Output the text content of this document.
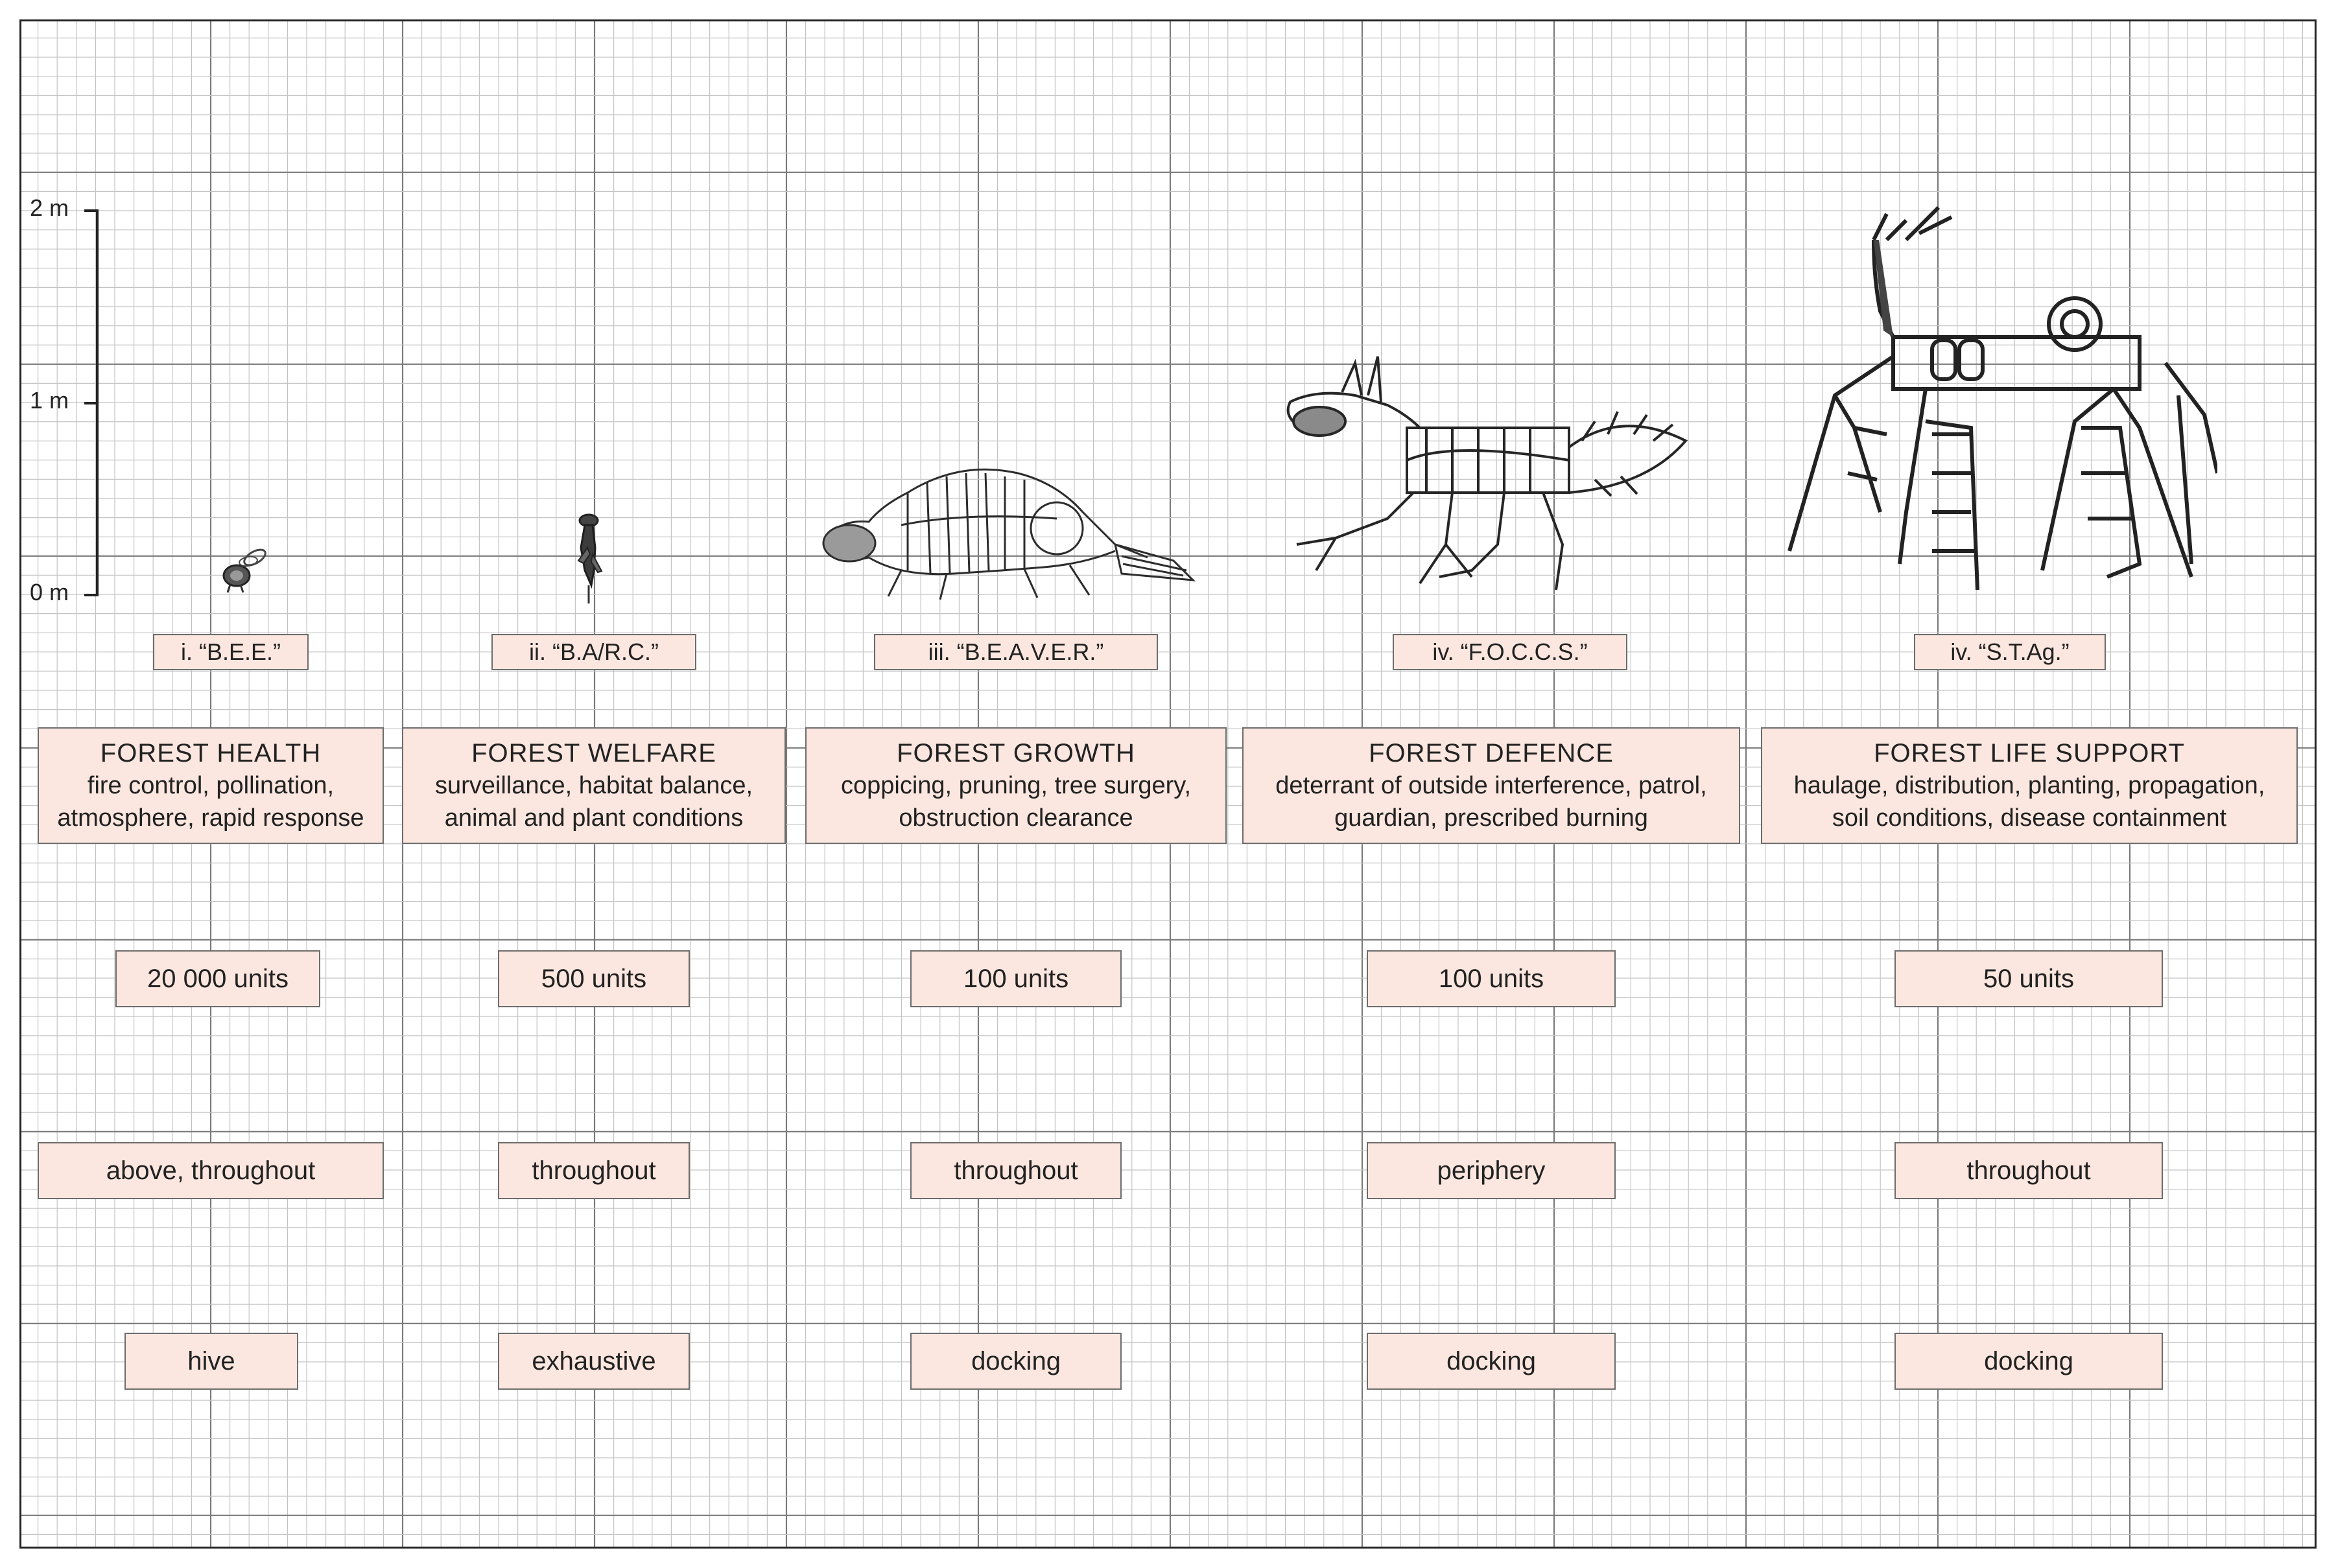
2 m
1 m
0 m
i. “B.E.E.”
FOREST HEALTH
fire control, pollination,
atmosphere, rapid response
20 000 units
above, throughout
hive
ii. “B.A/R.C.”
FOREST WELFARE
surveillance, habitat balance,
animal and plant conditions
500 units
throughout
exhaustive
iii. “B.E.A.V.E.R.”
FOREST GROWTH
coppicing, pruning, tree surgery,
obstruction clearance
100 units
throughout
docking
iv. “F.O.C.C.S.”
FOREST DEFENCE
deterrant of outside interference, patrol,
guardian, prescribed burning
100 units
periphery
docking
iv. “S.T.Ag.”
FOREST LIFE SUPPORT
haulage, distribution, planting, propagation,
soil conditions, disease containment
50 units
throughout
docking
